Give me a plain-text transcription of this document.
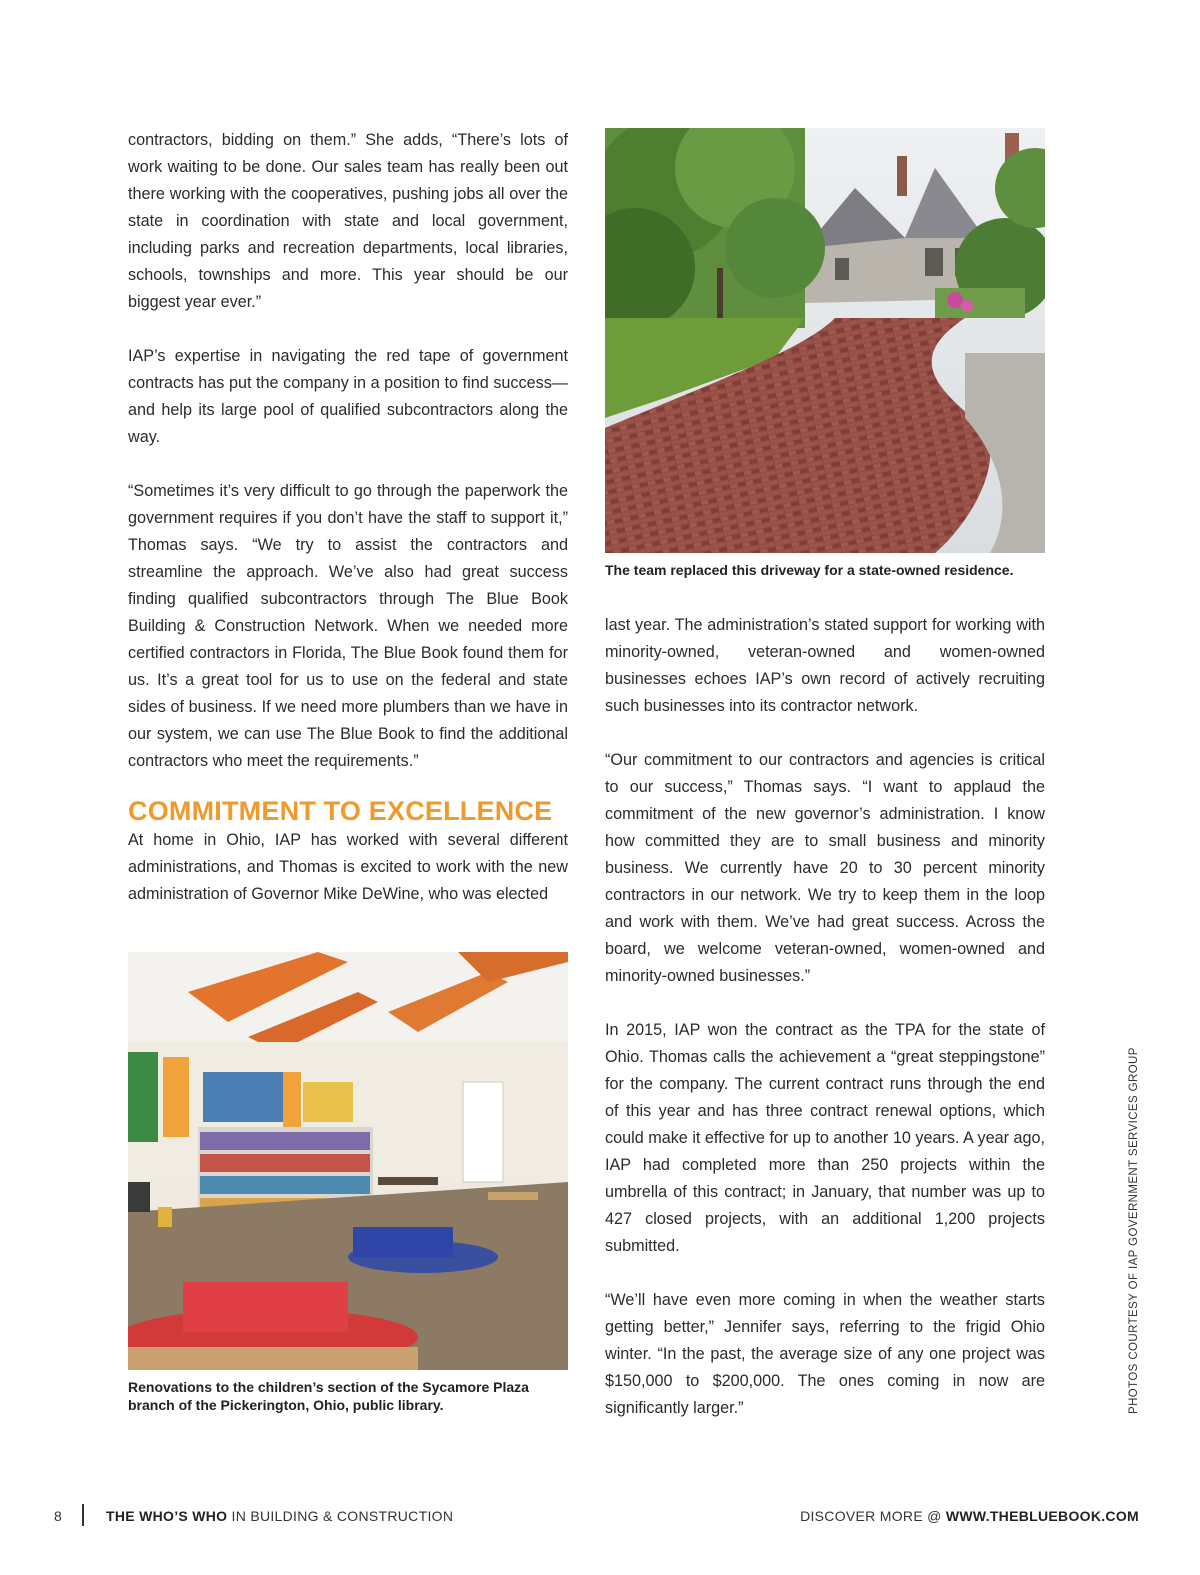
contractors, bidding on them.” She adds, “There’s lots of work waiting to be done. Our sales team has really been out there working with the cooperatives, pushing jobs all over the state in coordination with state and local government, including parks and recreation departments, local libraries, schools, townships and more. This year should be our biggest year ever.”

IAP’s expertise in navigating the red tape of government contracts has put the company in a position to find success—and help its large pool of qualified subcontractors along the way.

“Sometimes it’s very difficult to go through the paperwork the government requires if you don’t have the staff to support it,” Thomas says. “We try to assist the contractors and streamline the approach. We’ve also had great success finding qualified subcontractors through The Blue Book Building & Construction Network. When we needed more certified contractors in Florida, The Blue Book found them for us. It’s a great tool for us to use on the federal and state sides of business. If we need more plumbers than we have in our system, we can use The Blue Book to find the additional contractors who meet the requirements.”

COMMITMENT TO EXCELLENCE

At home in Ohio, IAP has worked with several different administrations, and Thomas is excited to work with the new administration of Governor Mike DeWine, who was elected

The team replaced this driveway for a state-owned residence.

last year. The administration’s stated support for working with minority-owned, veteran-owned and women-owned businesses echoes IAP’s own record of actively recruiting such businesses into its contractor network.

“Our commitment to our contractors and agencies is critical to our success,” Thomas says. “I want to applaud the commitment of the new governor’s administration. I know how committed they are to small business and minority business. We currently have 20 to 30 percent minority contractors in our network. We try to keep them in the loop and work with them. We’ve had great success. Across the board, we welcome veteran-owned, women-owned and minority-owned businesses.”

In 2015, IAP won the contract as the TPA for the state of Ohio. Thomas calls the achievement a “great steppingstone” for the company. The current contract runs through the end of this year and has three contract renewal options, which could make it effective for up to another 10 years. A year ago, IAP had completed more than 250 projects within the umbrella of this contract; in January, that number was up to 427 closed projects, with an additional 1,200 projects submitted.

“We’ll have even more coming in when the weather starts getting better,” Jennifer says, referring to the frigid Ohio winter. “In the past, the average size of any one project was $150,000 to $200,000. The ones coming in now are significantly larger.”

Renovations to the children’s section of the Sycamore Plaza branch of the Pickerington, Ohio, public library.	PHOTOS COURTESY OF IAP GOVERNMENT SERVICES GROUP
8	THE WHO’S WHO IN BUILDING & CONSTRUCTION	DISCOVER MORE @ WWW.THEBLUEBOOK.COM
